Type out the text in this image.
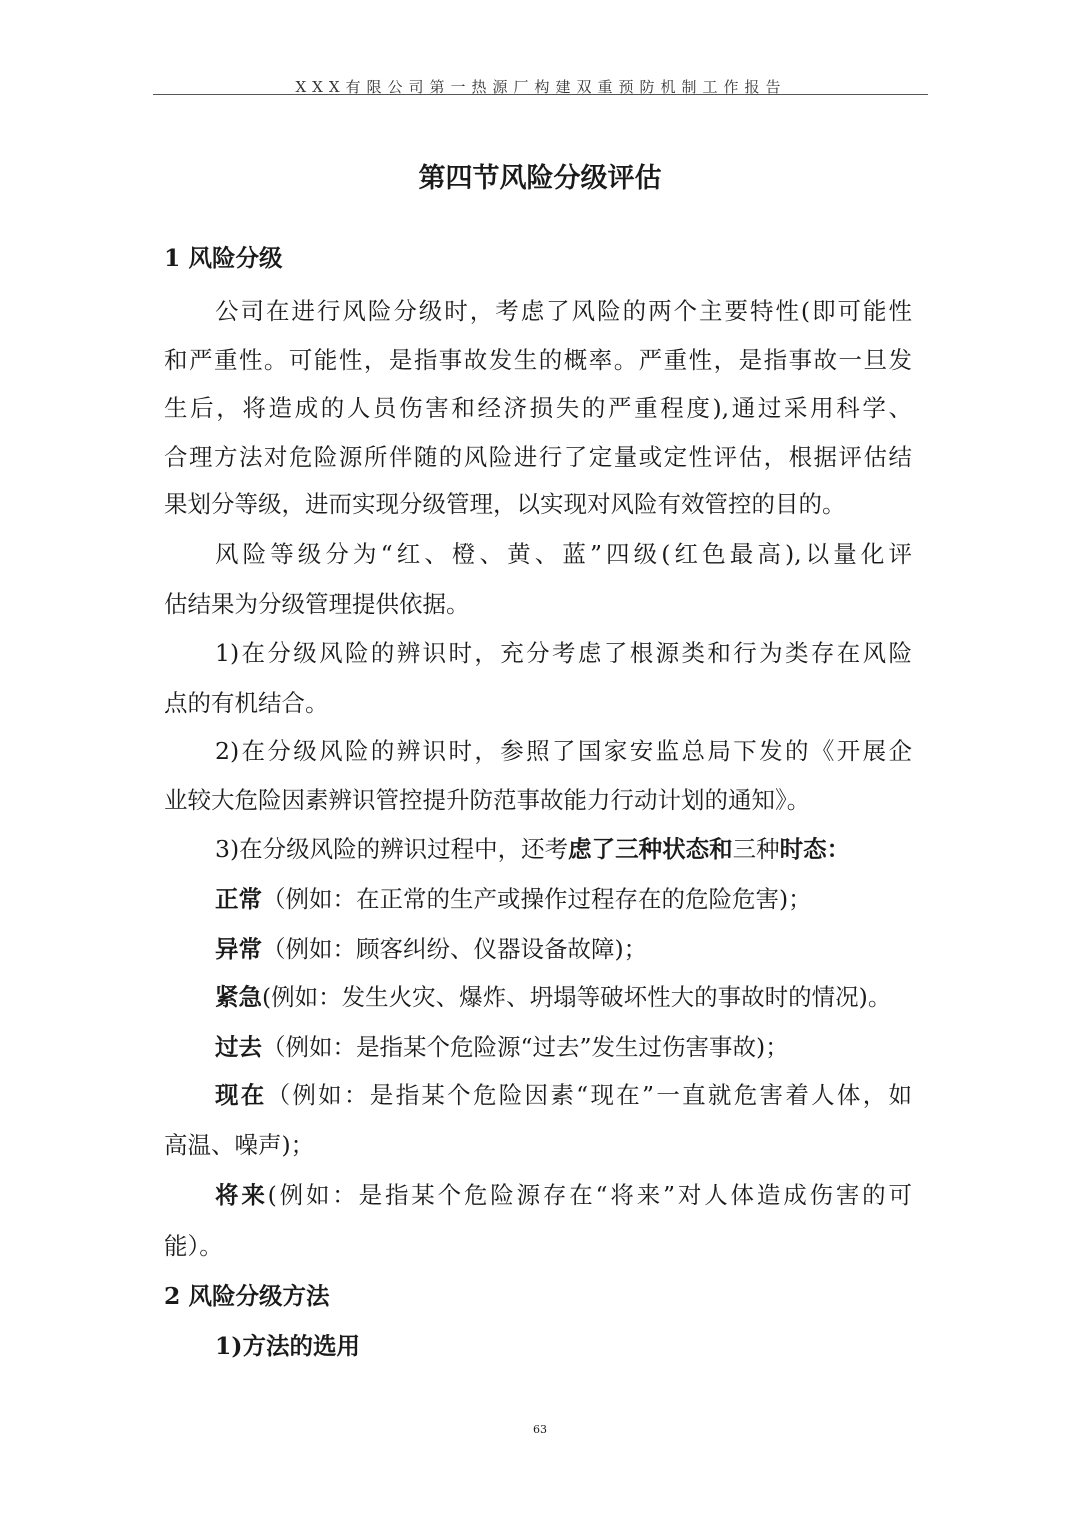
XXX有限公司第一热源厂构建双重预防机制工作报告
第四节风险分级评估
1 风险分级
公司在进行风险分级时，考虑了风险的两个主要特性(即可能性
和严重性。可能性，是指事故发生的概率。严重性，是指事故一旦发
生后，将造成的人员伤害和经济损失的严重程度),通过采用科学、
合理方法对危险源所伴随的风险进行了定量或定性评估，根据评估结
果划分等级，进而实现分级管理，以实现对风险有效管控的目的。
风险等级分为“红、橙、黄、蓝”四级(红色最高),以量化评
估结果为分级管理提供依据。
1)在分级风险的辨识时，充分考虑了根源类和行为类存在风险
点的有机结合。
2)在分级风险的辨识时，参照了国家安监总局下发的《开展企
业较大危险因素辨识管控提升防范事故能力行动计划的通知》。
3)在分级风险的辨识过程中，还考虑了三种状态和三种时态：
正常（例如：在正常的生产或操作过程存在的危险危害)；
异常（例如：顾客纠纷、仪器设备故障)；
紧急(例如：发生火灾、爆炸、坍塌等破坏性大的事故时的情况)。
过去（例如：是指某个危险源“过去”发生过伤害事故)；
现在（例如：是指某个危险因素“现在”一直就危害着人体，如
高温、噪声)；
将来(例如：是指某个危险源存在“将来”对人体造成伤害的可
能）。
2 风险分级方法
1)方法的选用
63
